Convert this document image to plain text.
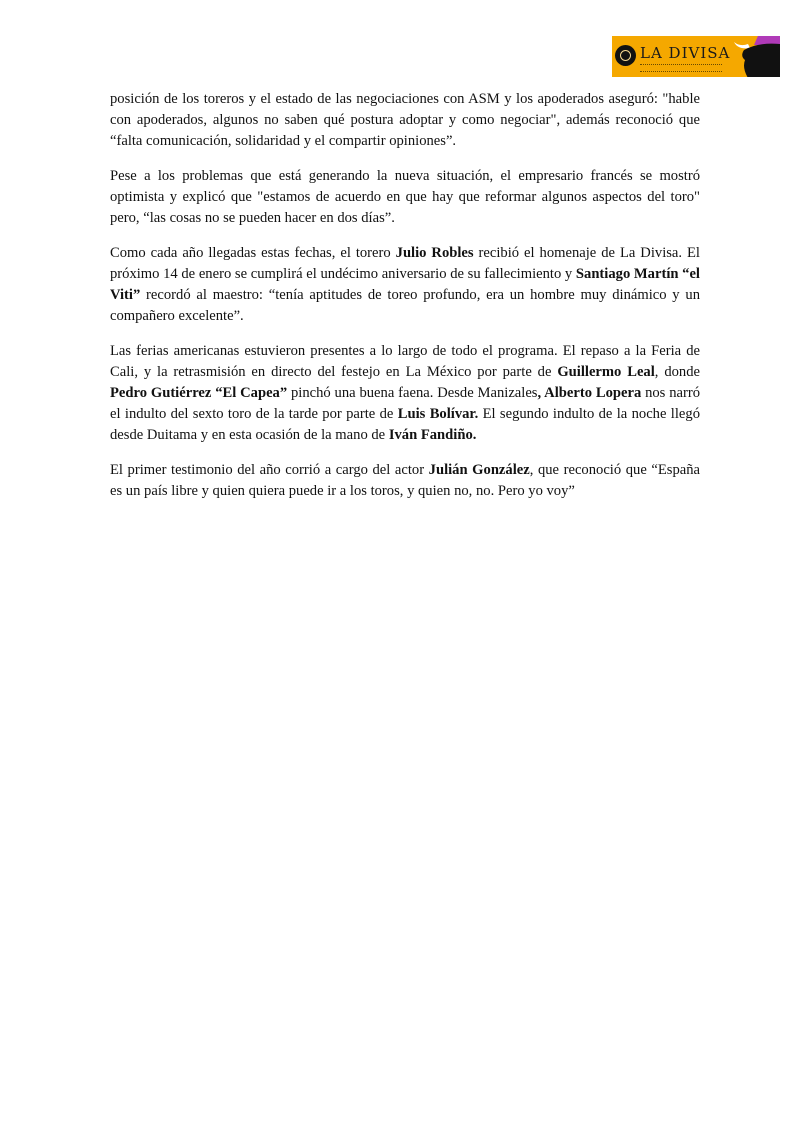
LA DIVISA

posición de los toreros y el estado de las negociaciones con ASM y los apoderados aseguró: "hable con apoderados, algunos no saben qué postura adoptar y como negociar", además reconoció que “falta comunicación, solidaridad y el compartir opiniones”.

Pese a los problemas que está generando la nueva situación, el empresario francés se mostró optimista y explicó que "estamos de acuerdo en que hay que reformar algunos aspectos del toro" pero, “las cosas no se pueden hacer en dos días”.

Como cada año llegadas estas fechas, el torero Julio Robles recibió el homenaje de La Divisa. El próximo 14 de enero se cumplirá el undécimo aniversario de su fallecimiento y Santiago Martín “el Viti” recordó al maestro: “tenía aptitudes de toreo profundo, era un hombre muy dinámico y un compañero excelente”.

Las ferias americanas estuvieron presentes a lo largo de todo el programa. El repaso a la Feria de Cali, y la retrasmisión en directo del festejo en La México por parte de Guillermo Leal, donde Pedro Gutiérrez “El Capea” pinchó una buena faena. Desde Manizales, Alberto Lopera nos narró el indulto del sexto toro de la tarde por parte de Luis Bolívar. El segundo indulto de la noche llegó desde Duitama y en esta ocasión de la mano de Iván Fandiño.

El primer testimonio del año corrió a cargo del actor Julián González, que reconoció que “España es un país libre y quien quiera puede ir a los toros, y quien no, no. Pero yo voy”
